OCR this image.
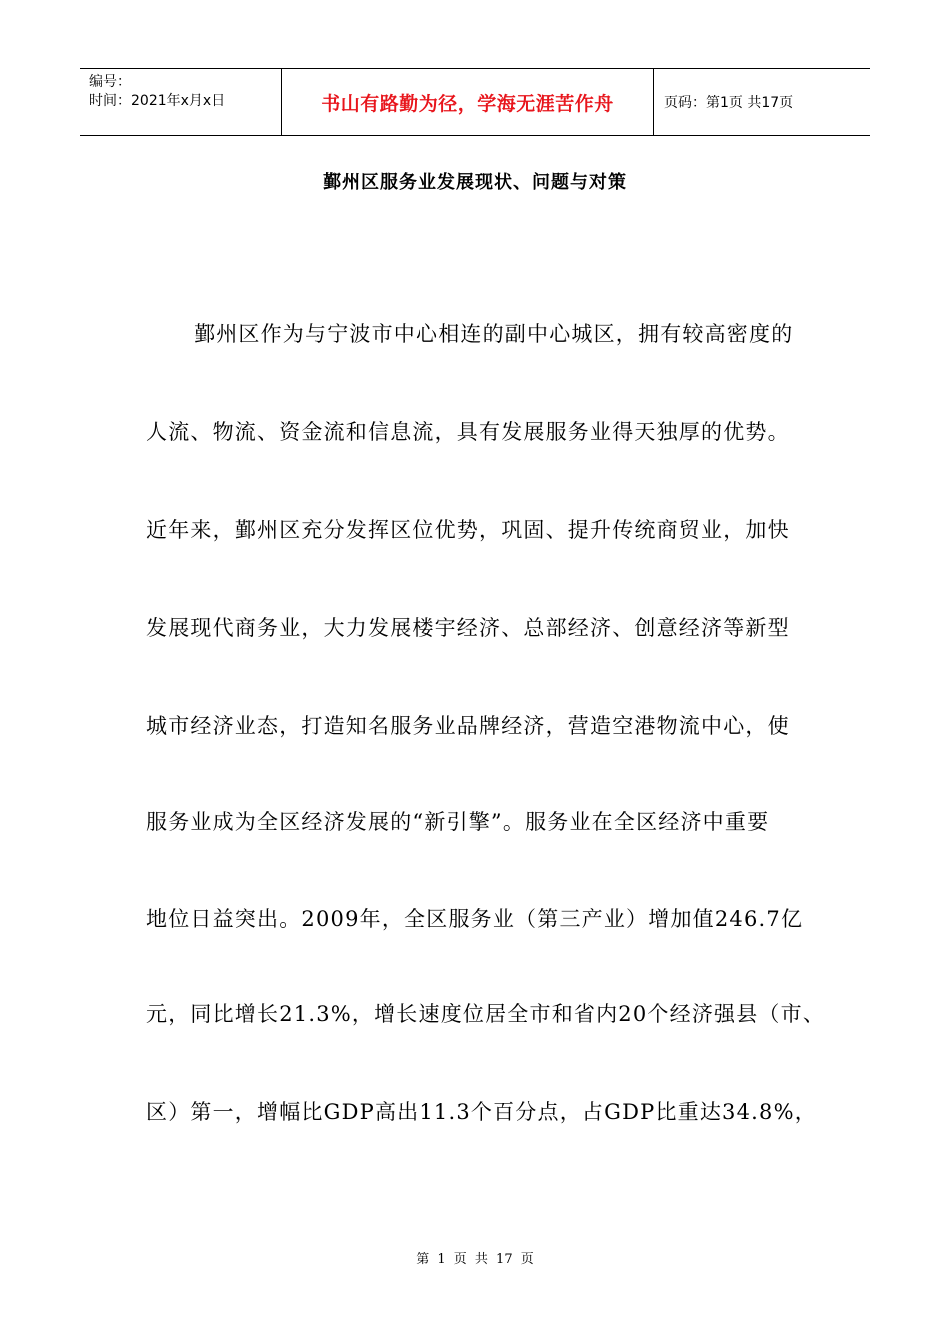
编号：
时间：2021年x月x日	书山有路勤为径，学海无涯苦作舟	页码：第1页 共17页
鄞州区服务业发展现状、问题与对策
鄞州区作为与宁波市中心相连的副中心城区，拥有较高密度的
人流、物流、资金流和信息流，具有发展服务业得天独厚的优势。
近年来，鄞州区充分发挥区位优势，巩固、提升传统商贸业，加快
发展现代商务业，大力发展楼宇经济、总部经济、创意经济等新型
城市经济业态，打造知名服务业品牌经济，营造空港物流中心，使
服务业成为全区经济发展的“新引擎”。服务业在全区经济中重要
地位日益突出。2009年，全区服务业（第三产业）增加值246.7亿
元，同比增长21.3%，增长速度位居全市和省内20个经济强县（市、
区）第一，增幅比GDP高出11.3个百分点，占GDP比重达34.8%，
第 1 页 共 17 页
